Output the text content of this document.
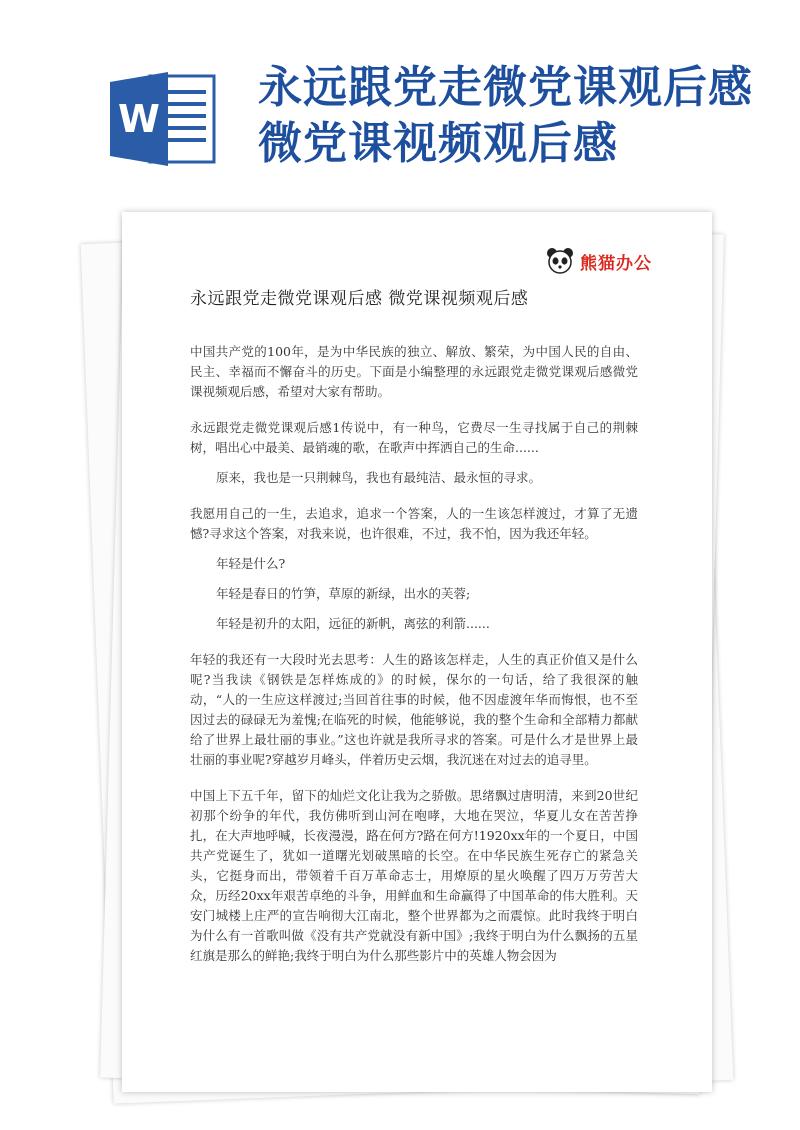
W
永远跟党走微党课观后感微党课视频观后感
熊猫办公
永远跟党走微党课观后感 微党课视频观后感

中国共产党的100年，是为中华民族的独立、解放、繁荣，为中国人民的自由、民主、幸福而不懈奋斗的历史。下面是小编整理的永远跟党走微党课观后感微党课视频观后感，希望对大家有帮助。

永远跟党走微党课观后感1传说中，有一种鸟，它费尽一生寻找属于自己的荆棘树，唱出心中最美、最销魂的歌，在歌声中挥洒自己的生命......

原来，我也是一只荆棘鸟，我也有最纯洁、最永恒的寻求。

我愿用自己的一生，去追求，追求一个答案，人的一生该怎样渡过，才算了无遗憾?寻求这个答案，对我来说，也许很难，不过，我不怕，因为我还年轻。

年轻是什么?

年轻是春日的竹笋，草原的新绿，出水的芙蓉;

年轻是初升的太阳，远征的新帆，离弦的利箭......

年轻的我还有一大段时光去思考：人生的路该怎样走，人生的真正价值又是什么呢?当我读《钢铁是怎样炼成的》的时候，保尔的一句话，给了我很深的触动，“人的一生应这样渡过;当回首往事的时候，他不因虚渡年华而悔恨，也不至因过去的碌碌无为羞愧;在临死的时候，他能够说，我的整个生命和全部精力都献给了世界上最壮丽的事业。”这也许就是我所寻求的答案。可是什么才是世界上最壮丽的事业呢?穿越岁月峰头，伴着历史云烟，我沉迷在对过去的追寻里。

中国上下五千年，留下的灿烂文化让我为之骄傲。思绪飘过唐明清，来到20世纪初那个纷争的年代，我仿佛听到山河在咆哮，大地在哭泣，华夏儿女在苦苦挣扎，在大声地呼喊，长夜漫漫，路在何方?路在何方!1920xx年的一个夏日，中国共产党诞生了，犹如一道曙光划破黑暗的长空。在中华民族生死存亡的紧急关头，它挺身而出，带领着千百万革命志士，用燎原的星火唤醒了四万万劳苦大众，历经20xx年艰苦卓绝的斗争，用鲜血和生命赢得了中国革命的伟大胜利。天安门城楼上庄严的宣告响彻大江南北，整个世界都为之而震惊。此时我终于明白为什么有一首歌叫做《没有共产党就没有新中国》;我终于明白为什么飘扬的五星红旗是那么的鲜艳;我终于明白为什么那些影片中的英雄人物会因为
